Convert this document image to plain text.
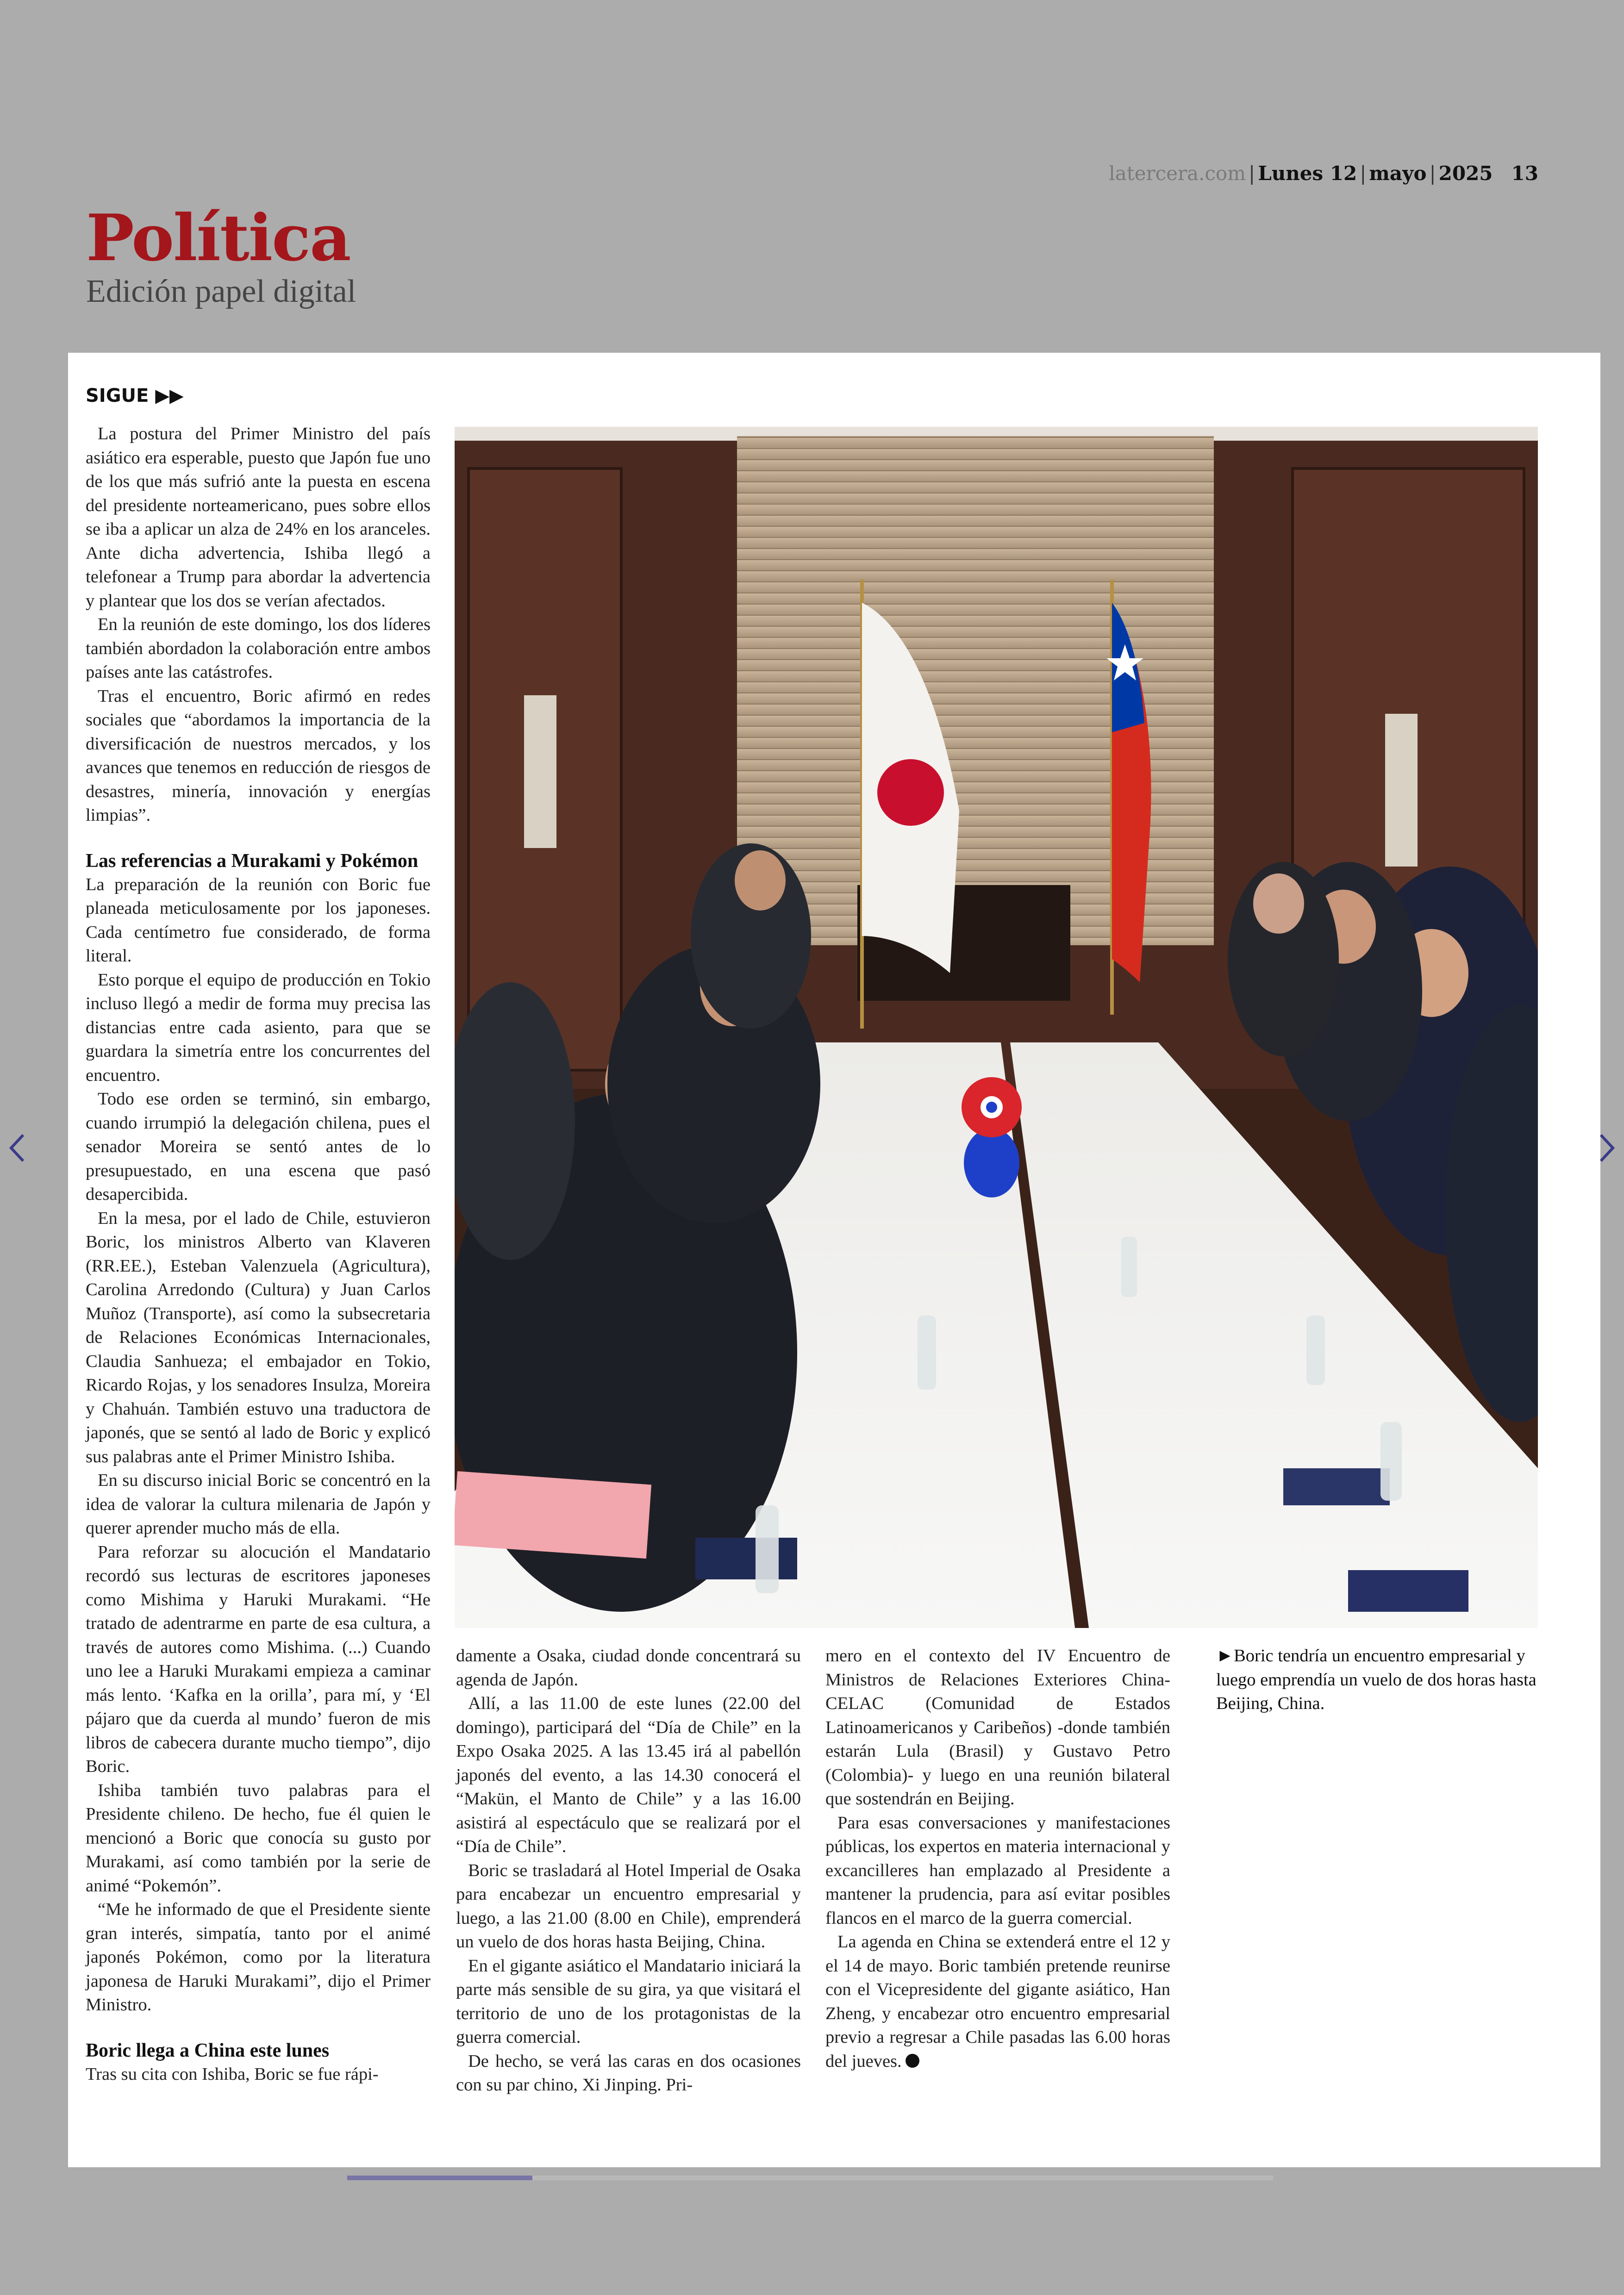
latercera.com | Lunes 12 | mayo | 2025 13
Política
Edición papel digital
SIGUE ▶▶

La postura del Primer Ministro del país asiático era esperable, puesto que Japón fue uno de los que más sufrió ante la puesta en escena del presidente norteamericano, pues sobre ellos se iba a aplicar un alza de 24% en los aranceles. Ante dicha advertencia, Ishiba llegó a telefonear a Trump para abordar la advertencia y plantear que los dos se verían afectados.

En la reunión de este domingo, los dos líderes también abordadon la colaboración entre ambos países ante las catástrofes.

Tras el encuentro, Boric afirmó en redes sociales que “abordamos la importancia de la diversificación de nuestros mercados, y los avances que tenemos en reducción de riesgos de desastres, minería, innovación y energías limpias”.

Las referencias a Murakami y Pokémon

La preparación de la reunión con Boric fue planeada meticulosamente por los japoneses. Cada centímetro fue considerado, de forma literal.

Esto porque el equipo de producción en Tokio incluso llegó a medir de forma muy precisa las distancias entre cada asiento, para que se guardara la simetría entre los concurrentes del encuentro.

Todo ese orden se terminó, sin embargo, cuando irrumpió la delegación chilena, pues el senador Moreira se sentó antes de lo presupuestado, en una escena que pasó desapercibida.

En la mesa, por el lado de Chile, estuvieron Boric, los ministros Alberto van Klaveren (RR.EE.), Esteban Valenzuela (Agricultura), Carolina Arredondo (Cultura) y Juan Carlos Muñoz (Transporte), así como la subsecretaria de Relaciones Económicas Internacionales, Claudia Sanhueza; el embajador en Tokio, Ricardo Rojas, y los senadores Insulza, Moreira y Chahuán. También estuvo una traductora de japonés, que se sentó al lado de Boric y explicó sus palabras ante el Primer Ministro Ishiba.

En su discurso inicial Boric se concentró en la idea de valorar la cultura milenaria de Japón y querer aprender mucho más de ella.

Para reforzar su alocución el Mandatario recordó sus lecturas de escritores japoneses como Mishima y Haruki Murakami. “He tratado de adentrarme en parte de esa cultura, a través de autores como Mishima. (...) Cuando uno lee a Haruki Murakami empieza a caminar más lento. ‘Kafka en la orilla’, para mí, y ‘El pájaro que da cuerda al mundo’ fueron de mis libros de cabecera durante mucho tiempo”, dijo Boric.

Ishiba también tuvo palabras para el Presidente chileno. De hecho, fue él quien le mencionó a Boric que conocía su gusto por Murakami, así como también por la serie de animé “Pokemón”.

“Me he informado de que el Presidente siente gran interés, simpatía, tanto por el animé japonés Pokémon, como por la literatura japonesa de Haruki Murakami”, dijo el Primer Ministro.

Boric llega a China este lunes

Tras su cita con Ishiba, Boric se fue rápi-

damente a Osaka, ciudad donde concentrará su agenda de Japón.

Allí, a las 11.00 de este lunes (22.00 del domingo), participará del “Día de Chile” en la Expo Osaka 2025. A las 13.45 irá al pabellón japonés del evento, a las 14.30 conocerá el “Makün, el Manto de Chile” y a las 16.00 asistirá al espectáculo que se realizará por el “Día de Chile”.

Boric se trasladará al Hotel Imperial de Osaka para encabezar un encuentro empresarial y luego, a las 21.00 (8.00 en Chile), emprenderá un vuelo de dos horas hasta Beijing, China.

En el gigante asiático el Mandatario iniciará la parte más sensible de su gira, ya que visitará el territorio de uno de los protagonistas de la guerra comercial.

De hecho, se verá las caras en dos ocasiones con su par chino, Xi Jinping. Pri-

mero en el contexto del IV Encuentro de Ministros de Relaciones Exteriores China-CELAC (Comunidad de Estados Latinoamericanos y Caribeños) -donde también estarán Lula (Brasil) y Gustavo Petro (Colombia)- y luego en una reunión bilateral que sostendrán en Beijing.

Para esas conversaciones y manifestaciones públicas, los expertos en materia internacional y excancilleres han emplazado al Presidente a mantener la prudencia, para así evitar posibles flancos en el marco de la guerra comercial.

La agenda en China se extenderá entre el 12 y el 14 de mayo. Boric también pretende reunirse con el Vicepresidente del gigante asiático, Han Zheng, y encabezar otro encuentro empresarial previo a regresar a Chile pasadas las 6.00 horas del jueves.

►Boric tendría un encuentro empresarial y luego emprendía un vuelo de dos horas hasta Beijing, China.
